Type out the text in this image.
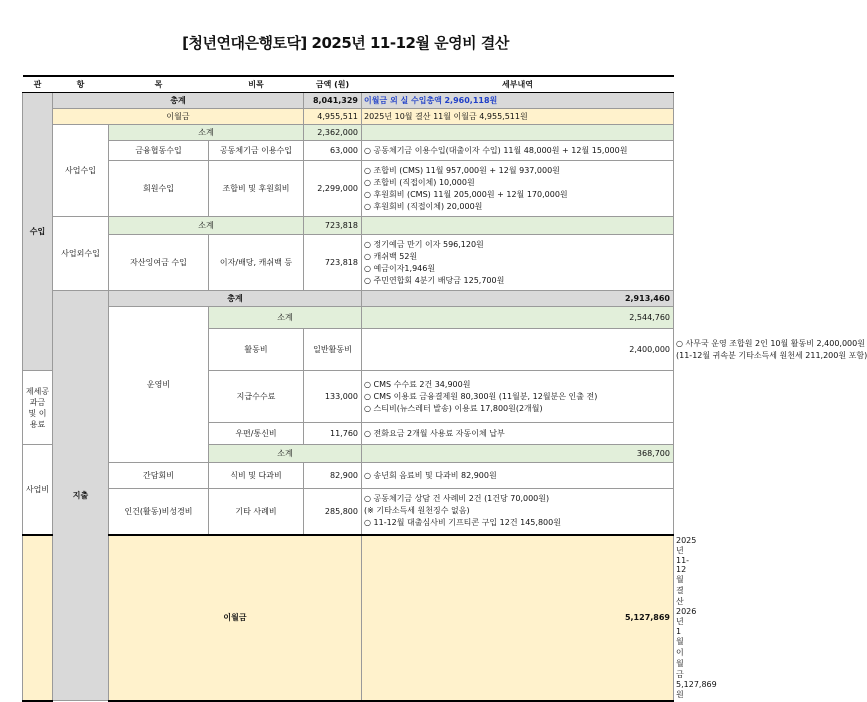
[청년연대은행토닥] 2025년 11-12월 운영비 결산
관	항	목	비목	금액 (원)	세부내역	
수입	총계			8,041,329	이월금 외 실 수입총액 2,960,118원	
	이월금			4,955,511	2025년 10월 결산 11월 이월금 4,955,511원	
	사업수입	소계		2,362,000		
		금융협동수입	공동체기금 이용수입	63,000	○ 공동체기금 이용수입(대출이자 수입) 11월 48,000원 + 12월 15,000원	

		회원수입	조합비 및 후원회비	2,299,000	○ 조합비 (CMS) 11월 957,000원 + 12월 937,000원
○ 조합비 (직접이체) 10,000원
○ 후원회비 (CMS) 11월 205,000원 + 12월 170,000원
○ 후원회비 (직접이체) 20,000원	

	사업외수입	소계		723,818		
		자산잉여금 수입	이자/배당, 캐쉬백 등	723,818	○ 정기예금 만기 이자 596,120원
○ 캐쉬백 52원
○ 예금이자1,946원
○ 주민연합회 4분기 배당금 125,700원	

	지출	총계			2,913,460	
		운영비	소계		2,544,760	
			활동비	일반활동비	2,400,000	○ 사무국 운영 조합원 2인 10월 활동비 2,400,000원
(11-12월 귀속분 기타소득세 원천세 211,200원 포함)

제세공과금 및 이용료			지급수수료	133,000	○ CMS 수수료 2건 34,900원
○ CMS 이용료 금융결제원 80,300원 (11월분, 12월분은 인출 전)
○ 스티비(뉴스레터 발송) 이용료 17,800원(2개월)	

			우편/통신비	11,760	○ 전화요금 2개월 사용료 자동이체 납부	

사업비			소계		368,700	
		간담회비	식비 및 다과비	82,900	○ 송년회 음료비 및 다과비 82,900원	

		인건(활동)비성경비	기타 사례비	285,800	○ 공동체기금 상담 건 사례비 2건 (1건당 70,000원)
(※ 기타소득세 원천징수 없음)
○ 11-12월 대출심사비 기프티콘 구입 12건 145,800원	

		이월금			5,127,869	2025년 11-12월 결산 2026년 1월 이월금 5,127,869원
